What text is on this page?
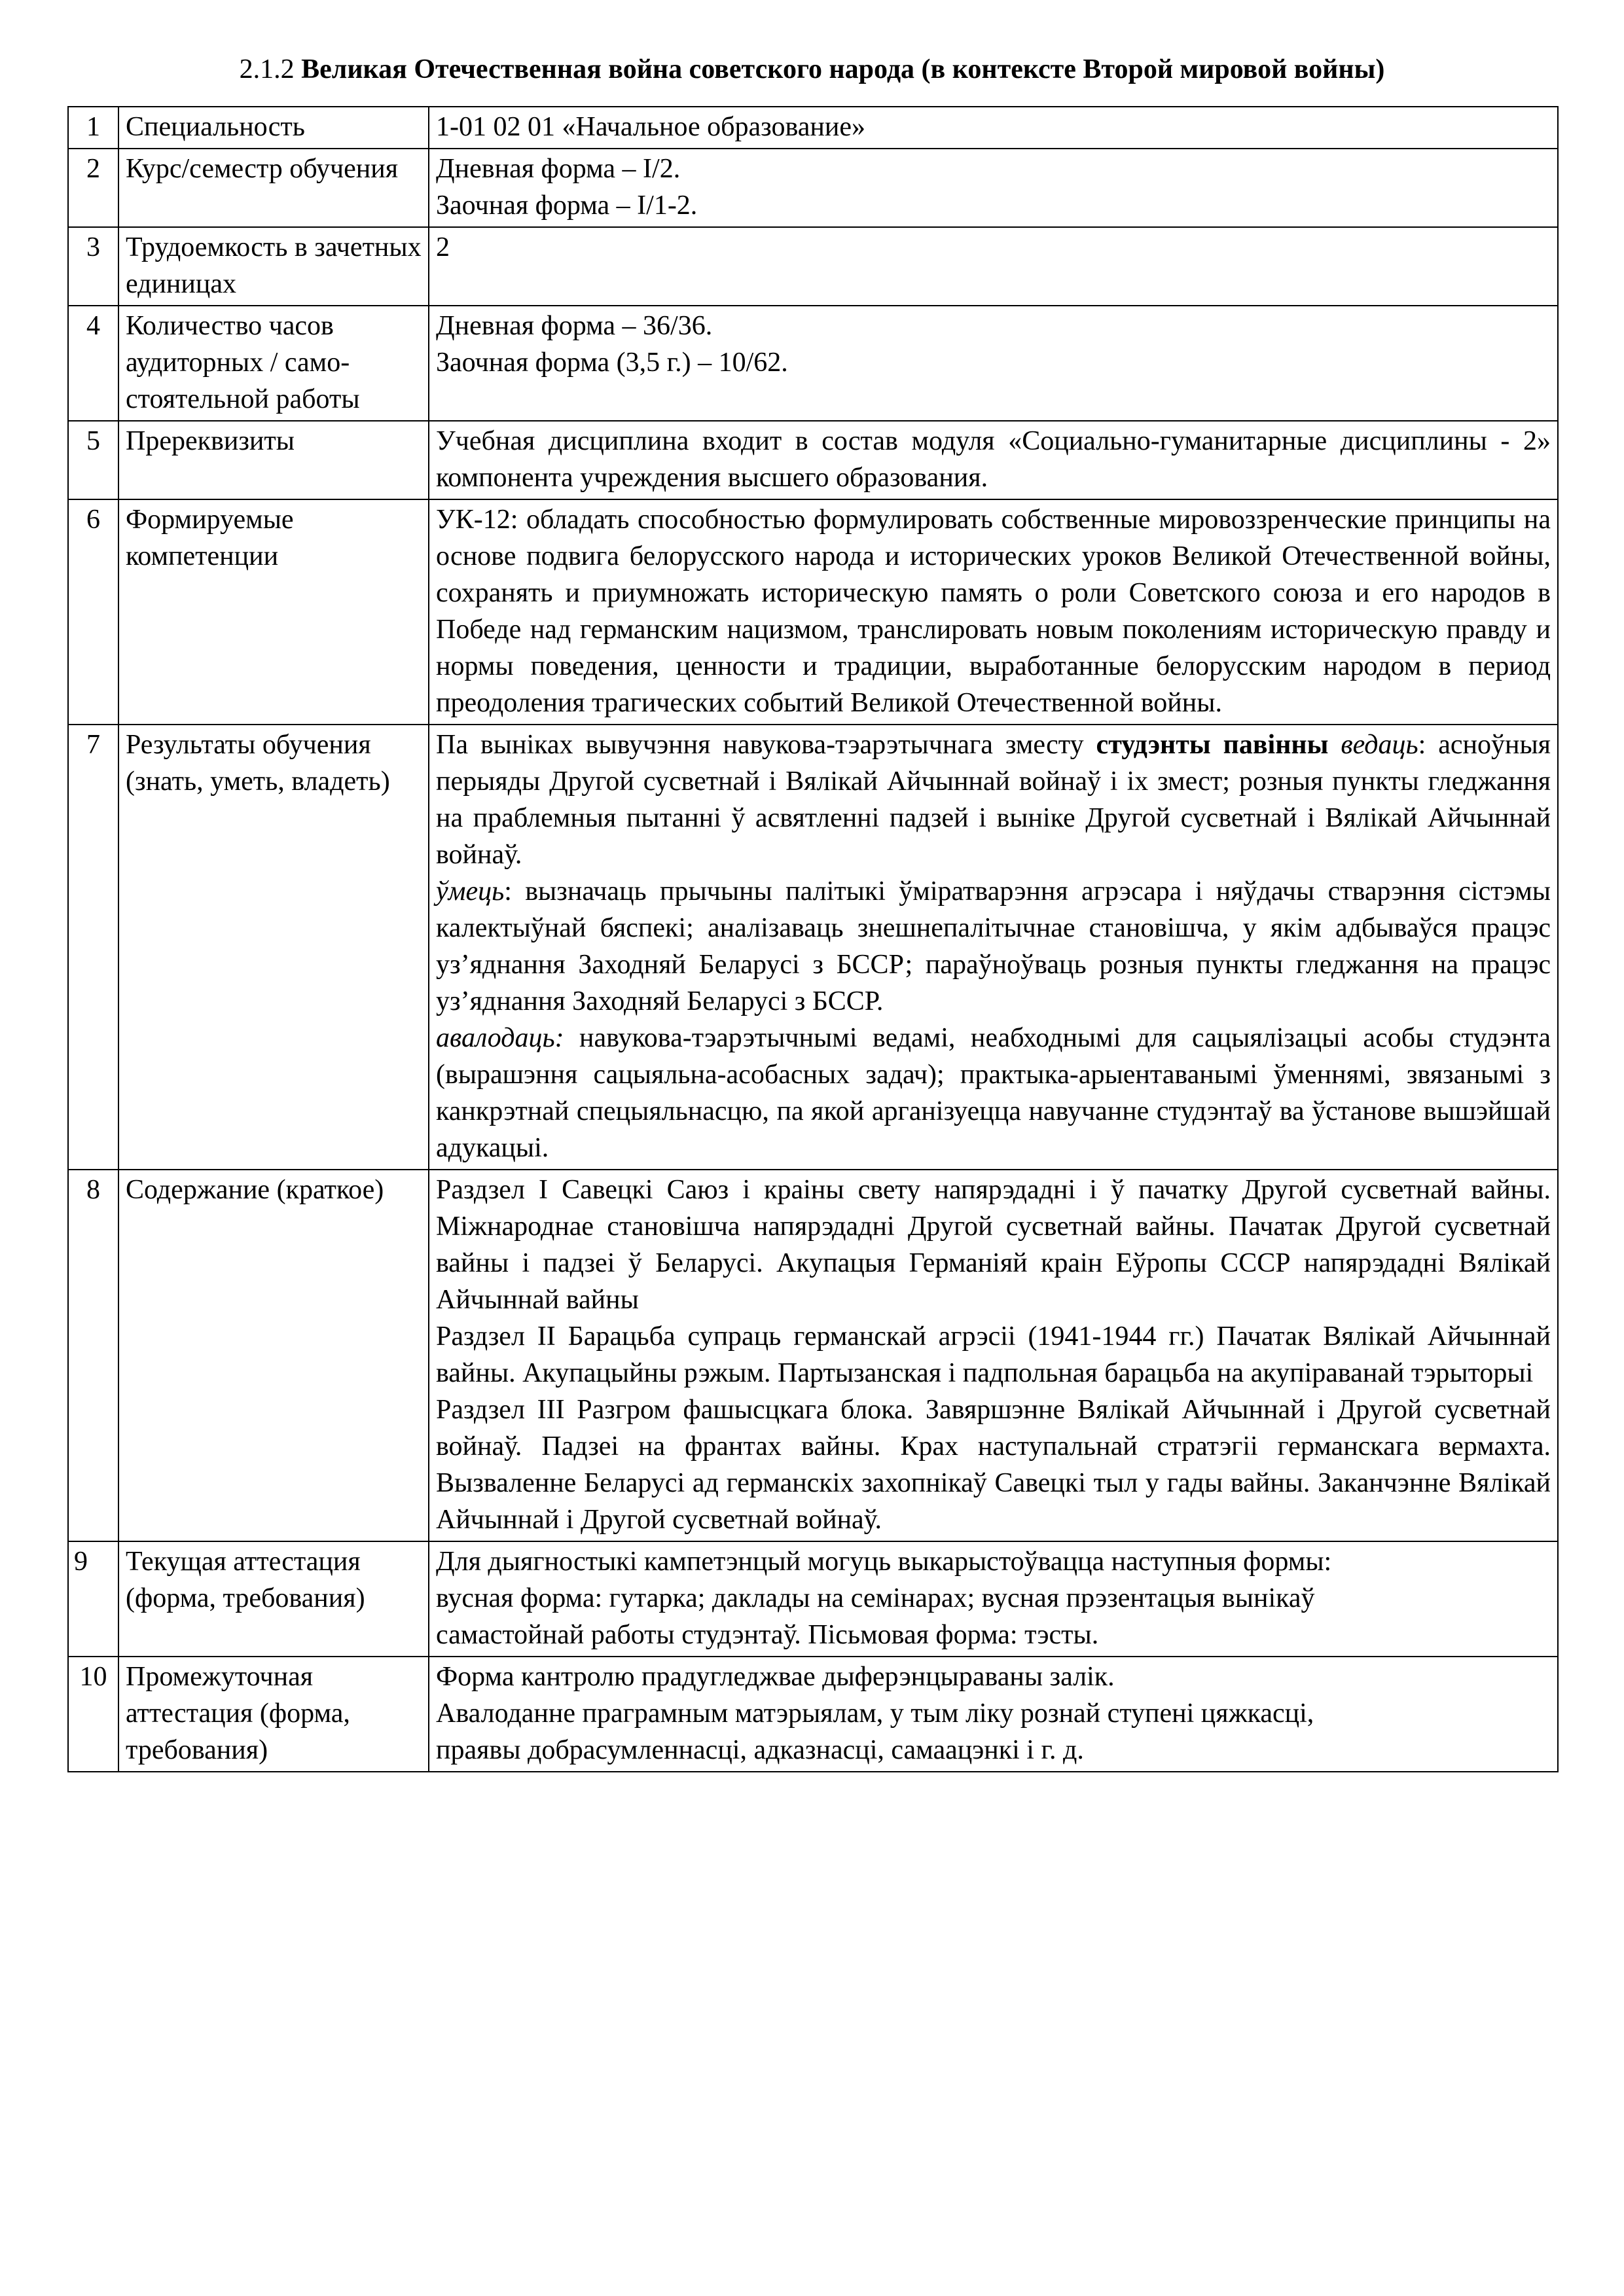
2.1.2 Великая Отечественная война советского народа (в контексте Второй мировой войны)
1	Специальность	1-01 02 01 «Начальное образование»

2	Курс/семестр обучения	Дневная форма – I/2.
Заочная форма – I/1-2.

3	Трудоемкость в зачетных единицах	2

4	Количество часов аудиторных / само-стоятельной работы	Дневная форма – 36/36.
Заочная форма (3,5 г.) – 10/62.

5	Пререквизиты	Учебная дисциплина входит в состав модуля «Социально-гуманитарные дисциплины - 2» компонента учреждения высшего образования.
6	Формируемые компетенции	УК-12: обладать способностью формулировать собственные мировоззренческие принципы на основе подвига белорусского народа и исторических уроков Великой Отечественной войны, сохранять и приумножать историческую память о роли Советского союза и его народов в Победе над германским нацизмом, транслировать новым поколениям историческую правду и нормы поведения, ценности и традиции, выработанные белорусским народом в период преодоления трагических событий Великой Отечественной войны.
7	Результаты обучения (знать, уметь, владеть)	Па выніках вывучэння навукова-тэарэтычнага зместу студэнты павінны ведаць: асноўныя перыяды Другой сусветнай і Вялікай Айчыннай войнаў і іх змест; розныя пункты гледжання на праблемныя пытанні ў асвятленні падзей і выніке Другой сусветнай і Вялікай Айчыннай войнаў.
ўмець: вызначаць прычыны палітыкі ўміратварэння агрэсара і няўдачы стварэння сістэмы калектыўнай бяспекі; аналізаваць знешнепалітычнае становішча, у якім адбываўся працэс уз’яднання Заходняй Беларусі з БССР; параўноўваць розныя пункты гледжання на працэс уз’яднання Заходняй Беларусі з БССР.
авалодаць: навукова-тэарэтычнымі ведамі, неабходнымі для сацыялізацыі асобы студэнта (вырашэння сацыяльна-асобасных задач); практыка-арыентаванымі ўменнямі, звязанымі з канкрэтнай спецыяльнасцю, па якой арганізуецца навучанне студэнтаў ва ўстанове вышэйшай адукацыі.

8	Содержание (краткое)	Раздзел I Савецкі Саюз і краіны свету напярэдадні і ў пачатку Другой сусветнай вайны. Міжнароднае становішча напярэдадні Другой сусветнай вайны. Пачатак Другой сусветнай вайны і падзеі ў Беларусі. Акупацыя Германіяй краін Еўропы СССР напярэдадні Вялікай Айчыннай вайны
Раздзел II Барацьба супраць германскай агрэсіі (1941-1944 гг.) Пачатак Вялікай Айчыннай вайны. Акупацыйны рэжым. Партызанская і падпольная барацьба на акупіраванай тэрыторыі
Раздзел III Разгром фашысцкага блока. Завяршэнне Вялікай Айчыннай і Другой сусветнай войнаў. Падзеі на франтах вайны. Крах наступальнай стратэгіі германскага вермахта. Вызваленне Беларусі ад германскіх захопнікаў Савецкі тыл у гады вайны. Заканчэнне Вялікай Айчыннай і Другой сусветнай войнаў.

9	Текущая аттестация (форма, требования)	Для дыягностыкі кампетэнцый могуць выкарыстоўвацца наступныя формы:
вусная форма: гутарка; даклады на семінарах; вусная прэзентацыя вынікаў
самастойнай работы студэнтаў. Пісьмовая форма: тэсты.

10	Промежуточная аттестация (форма, требования)	Форма кантролю прадугледжвае дыферэнцыраваны залік.
Авалоданне праграмным матэрыялам, у тым ліку рознай ступені цяжкасці,
праявы добрасумленнасці, адказнасці, самаацэнкі і г. д.
